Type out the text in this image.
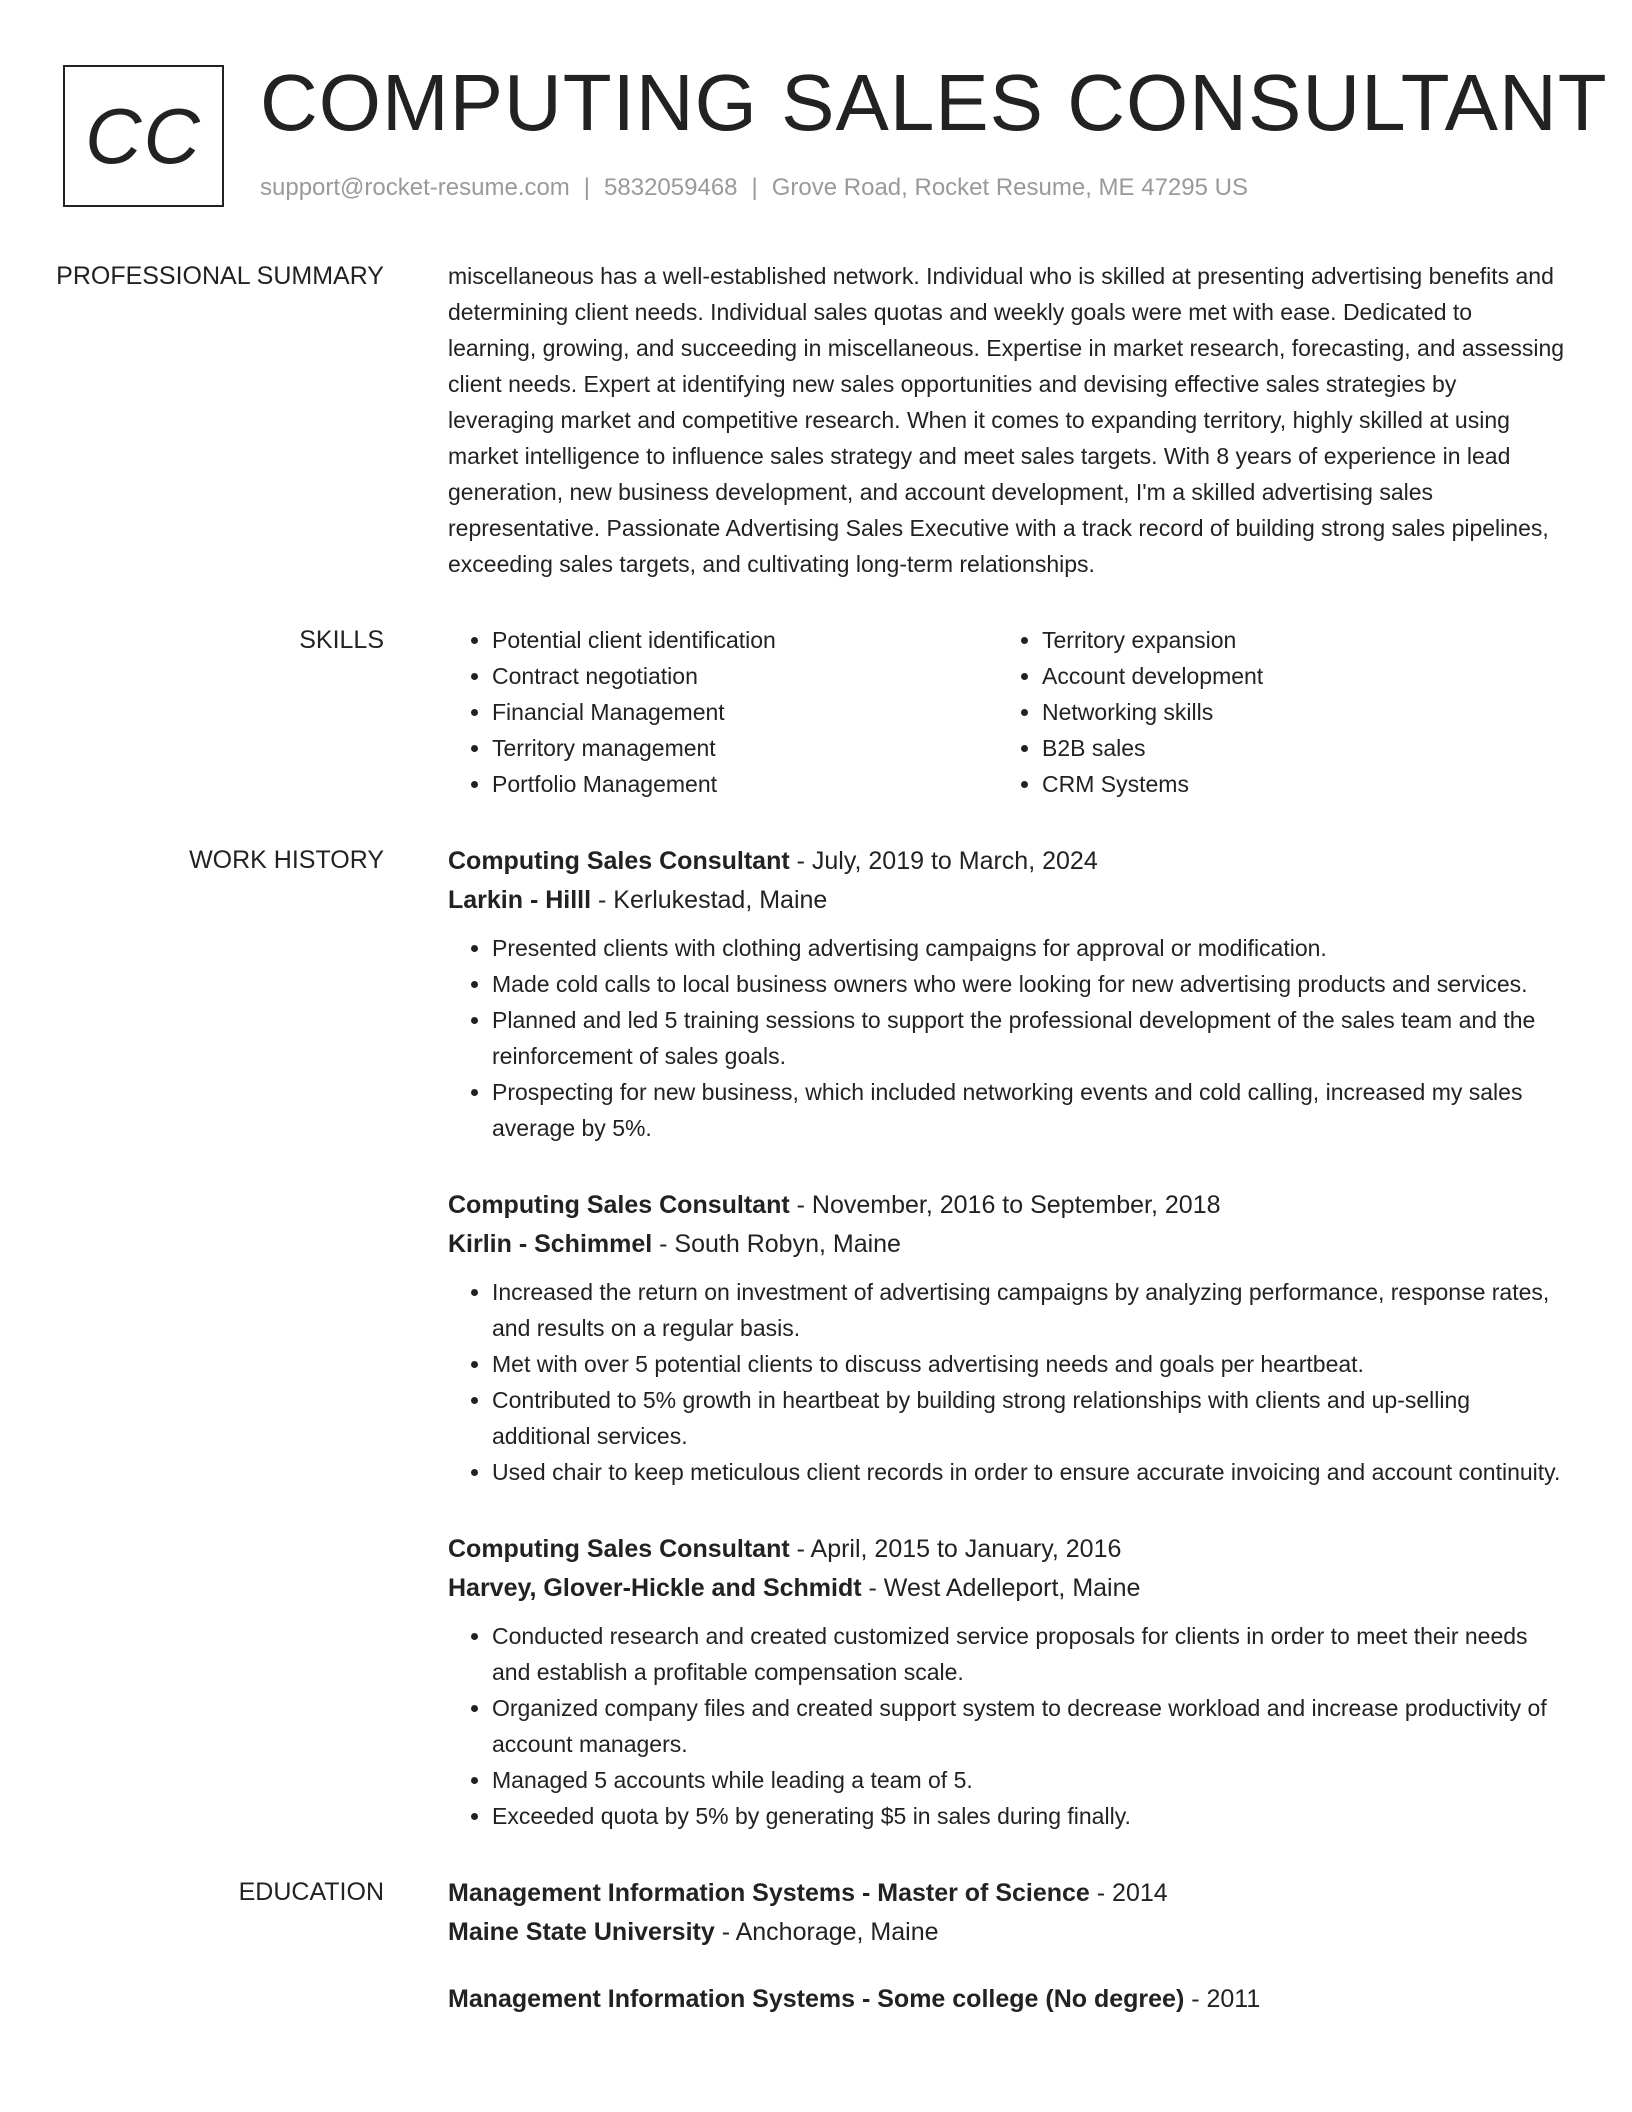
CC COMPUTING SALES CONSULTANT
support@rocket-resume.com | 5832059468 | Grove Road, Rocket Resume, ME 47295 US
PROFESSIONAL SUMMARY	miscellaneous has a well-established network. Individual who is skilled at presenting advertising benefits and determining client needs. Individual sales quotas and weekly goals were met with ease. Dedicated to learning, growing, and succeeding in miscellaneous. Expertise in market research, forecasting, and assessing client needs. Expert at identifying new sales opportunities and devising effective sales strategies by leveraging market and competitive research. When it comes to expanding territory, highly skilled at using market intelligence to influence sales strategy and meet sales targets. With 8 years of experience in lead generation, new business development, and account development, I'm a skilled advertising sales representative. Passionate Advertising Sales Executive with a track record of building strong sales pipelines, exceeding sales targets, and cultivating long-term relationships.

SKILLS
•	Potential client identification
• Contract negotiation
• Financial Management
• Territory management
• Portfolio Management
• Territory expansion
• Account development
• Networking skills
• B2B sales
• CRM Systems
WORK HISTORY	Computing Sales Consultant - July, 2019 to March, 2024
Larkin - Hilll - Kerlukestad, Maine
• Presented clients with clothing advertising campaigns for approval or modification.
• Made cold calls to local business owners who were looking for new advertising products and services.
• Planned and led 5 training sessions to support the professional development of the sales team and the reinforcement of sales goals.
• Prospecting for new business, which included networking events and cold calling, increased my sales average by 5%.
Computing Sales Consultant - November, 2016 to September, 2018
Kirlin - Schimmel - South Robyn, Maine
• Increased the return on investment of advertising campaigns by analyzing performance, response rates, and results on a regular basis.
• Met with over 5 potential clients to discuss advertising needs and goals per heartbeat.
• Contributed to 5% growth in heartbeat by building strong relationships with clients and up-selling additional services.
• Used chair to keep meticulous client records in order to ensure accurate invoicing and account continuity.
Computing Sales Consultant - April, 2015 to January, 2016
Harvey, Glover-Hickle and Schmidt - West Adelleport, Maine
• Conducted research and created customized service proposals for clients in order to meet their needs and establish a profitable compensation scale.
• Organized company files and created support system to decrease workload and increase productivity of account managers.
• Managed 5 accounts while leading a team of 5.
• Exceeded quota by 5% by generating $5 in sales during finally.
EDUCATION	Management Information Systems - Master of Science - 2014
Maine State University - Anchorage, Maine
Management Information Systems - Some college (No degree) - 2011
